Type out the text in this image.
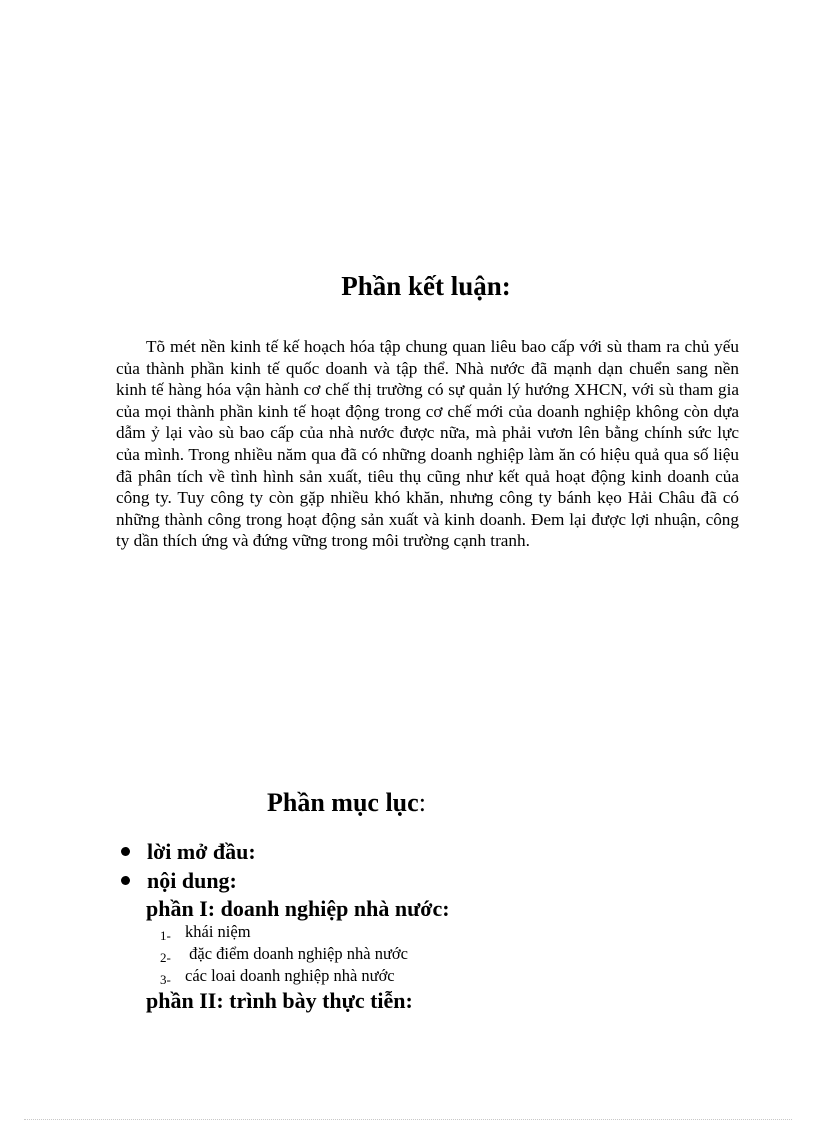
Phần kết luận:

Tõ mét nền kinh tế kế hoạch hóa tập chung quan liêu bao cấp với sù tham ra chủ yếu của thành phần kinh tế quốc doanh và tập thể. Nhà nước đã mạnh dạn chuển sang nền kinh tế hàng hóa vận hành cơ chế thị trường có sự quản lý hướng XHCN, với sù tham gia của mọi thành phần kinh tế hoạt động trong cơ chế mới của doanh nghiệp không còn dựa dẫm ỷ lại vào sù bao cấp của nhà nước được nữa, mà phải vươn lên bằng chính sức lực của mình. Trong nhiều năm qua đã có những doanh nghiệp làm ăn có hiệu quả qua số liệu đã phân tích về tình hình sản xuất, tiêu thụ cũng như kết quả hoạt động kinh doanh của công ty. Tuy công ty còn gặp nhiều khó khăn, nhưng công ty bánh kẹo Hải Châu đã có những thành công trong hoạt động sản xuất và kinh doanh. Đem lại được lợi nhuận, công ty dần thích ứng và đứng vững trong môi trường cạnh tranh.

Phần mục lục:
lời mở đầu:
nội dung:
phần I: doanh nghiệp nhà nước:
1- khái niệm
2- đặc điểm doanh nghiệp nhà nước
3- các loai doanh nghiệp nhà nước
phần II: trình bày thực tiễn:
